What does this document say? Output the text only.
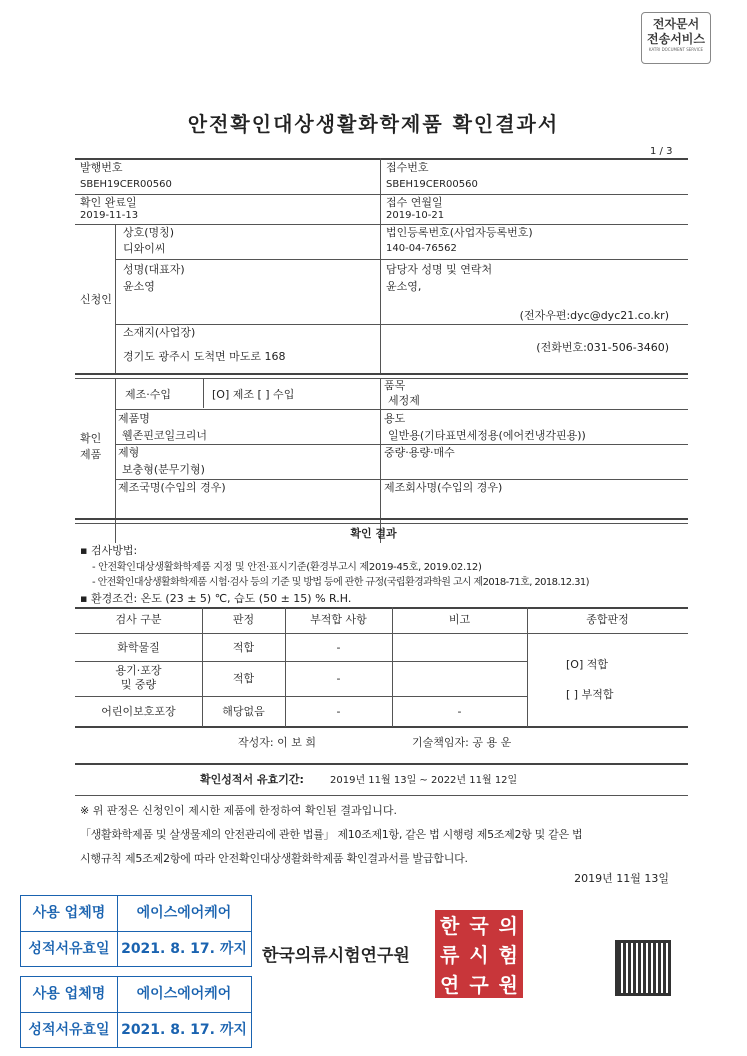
전자문서
전송서비스
KATRI DOCUMENT SERVICE
안전확인대상생활화학제품 확인결과서
1 / 3
발행번호
SBEH19CER00560
접수번호
SBEH19CER00560
확인 완료일
2019-11-13
접수 연월일
2019-10-21
신청인
상호(명칭)
디와이씨
법인등록번호(사업자등록번호)
140-04-76562
성명(대표자)
윤소영
담당자 성명 및 연락처
윤소영,
(전자우편:dyc@dyc21.co.kr)
소재지(사업장)
경기도 광주시 도척면 마도로 168
(전화번호:031-506-3460)
확인
제품
제조·수입	[O] 제조 [ ] 수입
품목
세정제
제품명
웰존핀코일크리너
용도
일반용(기타표면세정용(에어컨냉각핀용))
제형
보충형(분무기형)
중량·용량·매수
제조국명(수입의 경우)	제조회사명(수입의 경우)
확인 결과
▪ 검사방법:
- 안전확인대상생활화학제품 지정 및 안전·표시기준(환경부고시 제2019-45호, 2019.02.12)
- 안전확인대상생활화학제품 시험·검사 등의 기준 및 방법 등에 관한 규정(국립환경과학원 고시 제2018-71호, 2018.12.31)
▪ 환경조건: 온도 (23 ± 5) ℃, 습도 (50 ± 15) % R.H.
검사 구분	판정	부적합 사항	비고	종합판정
화학물질	적합	-
용기·포장
및 중량	적합	-
어린이보호포장	해당없음	-	-
[O] 적합
[ ] 부적합
작성자: 이 보 희	기술책임자: 공 용 운
확인성적서 유효기간:	2019년 11월 13일 ~ 2022년 11월 12일
※ 위 판정은 신청인이 제시한 제품에 한정하여 확인된 결과입니다.
「생활화학제품 및 살생물제의 안전관리에 관한 법률」 제10조제1항, 같은 법 시행령 제5조제2항 및 같은 법
시행규칙 제5조제2항에 따라 안전확인대상생활화학제품 확인결과서를 발급합니다.
2019년 11월 13일
한국의류시험연구원
한 국 의
류 시 험
연 구 원
사용 업체명	에이스에어케어
성적서유효일 2021. 8. 17. 까지
사용 업체명	에이스에어케어
성적서유효일 2021. 8. 17. 까지
